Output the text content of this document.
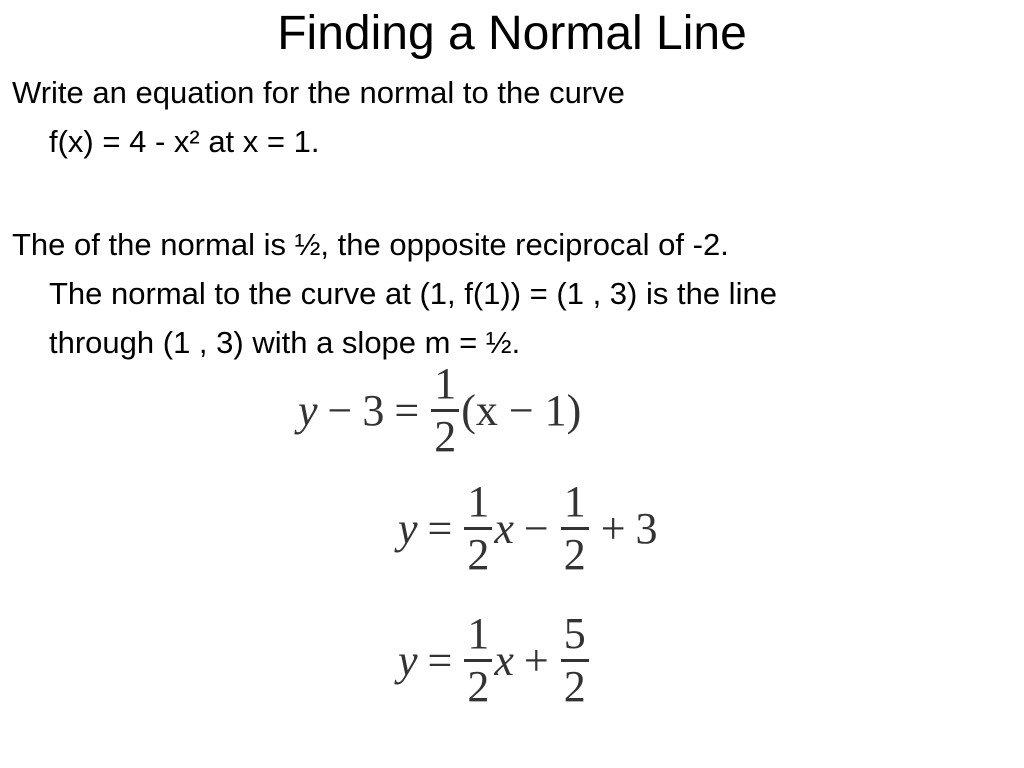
Finding a Normal Line
Write an equation for the normal to the curve
f(x) = 4 - x² at x = 1.
The of the normal is ½, the opposite reciprocal of -2.
The normal to the curve at (1, f(1)) = (1 , 3) is the line
through (1 , 3) with a slope m = ½.
$y - 3 = \frac{1}{2} (x - 1)$
$y = \frac{1}{2}$ $x - \frac{1}{2} + 3$
$y = \frac{1}{2}$ $x + \frac{5}{2}$
